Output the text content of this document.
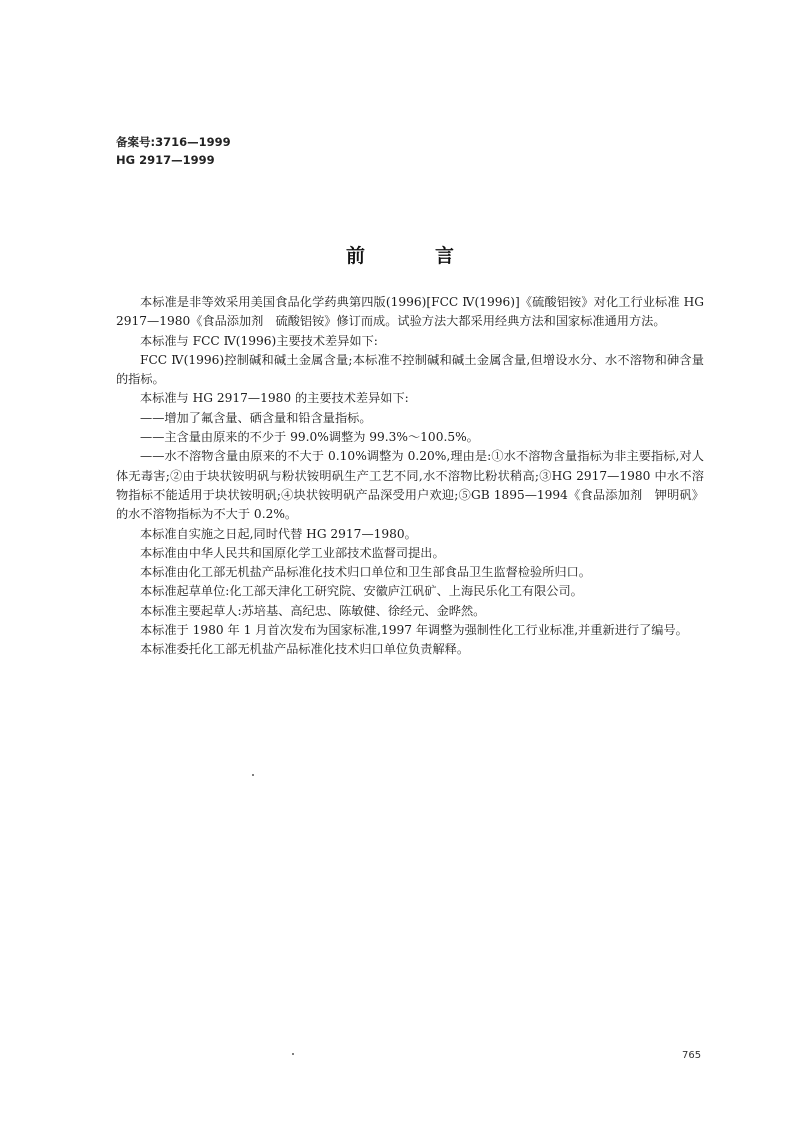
备案号:3716—1999
HG 2917—1999
前	言

本标准是非等效采用美国食品化学药典第四版(1996)[FCC Ⅳ(1996)]《硫酸铝铵》对化工行业标准 HG 2917—1980《食品添加剂　硫酸铝铵》修订而成。试验方法大都采用经典方法和国家标准通用方法。

本标准与 FCC Ⅳ(1996)主要技术差异如下:

FCC Ⅳ(1996)控制碱和碱土金属含量;本标准不控制碱和碱土金属含量,但增设水分、水不溶物和砷含量的指标。

本标准与 HG 2917—1980 的主要技术差异如下:

——增加了氟含量、硒含量和铅含量指标。

——主含量由原来的不少于 99.0%调整为 99.3%～100.5%。

——水不溶物含量由原来的不大于 0.10%调整为 0.20%,理由是:①水不溶物含量指标为非主要指标,对人体无毒害;②由于块状铵明矾与粉状铵明矾生产工艺不同,水不溶物比粉状稍高;③HG 2917—1980 中水不溶物指标不能适用于块状铵明矾;④块状铵明矾产品深受用户欢迎;⑤GB 1895—1994《食品添加剂　钾明矾》的水不溶物指标为不大于 0.2%。

本标准自实施之日起,同时代替 HG 2917—1980。

本标准由中华人民共和国原化学工业部技术监督司提出。

本标准由化工部无机盐产品标准化技术归口单位和卫生部食品卫生监督检验所归口。

本标准起草单位:化工部天津化工研究院、安徽庐江矾矿、上海民乐化工有限公司。

本标准主要起草人:苏培基、高纪忠、陈敏健、徐经元、金晔然。

本标准于 1980 年 1 月首次发布为国家标准,1997 年调整为强制性化工行业标准,并重新进行了编号。

本标准委托化工部无机盐产品标准化技术归口单位负责解释。

765
